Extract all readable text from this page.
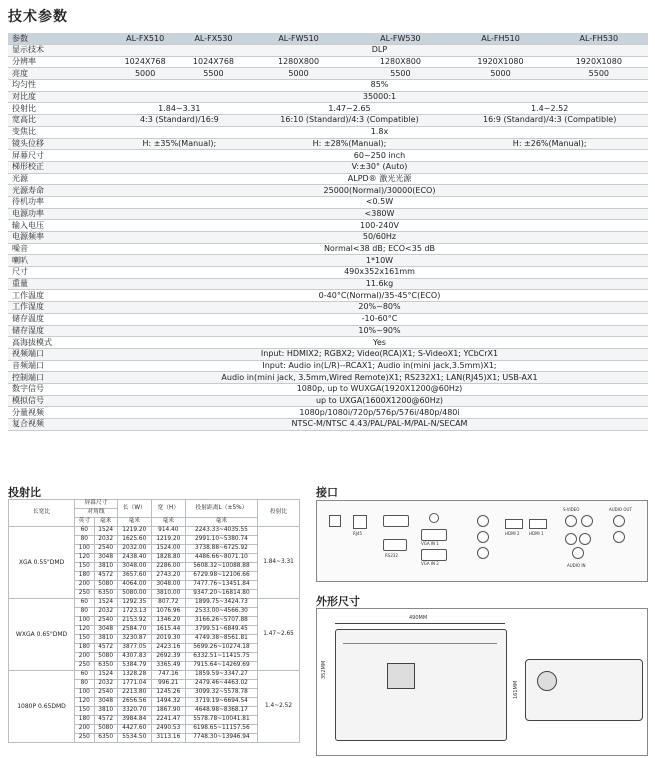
技术参数
参数	AL-FX510	AL-FX530	AL-FW510	AL-FW530	AL-FH510	AL-FH530
显示技术	DLP					
分辨率	1024X768	1024X768	1280X800	1280X800	1920X1080	1920X1080
亮度	5000	5500	5000	5500	5000	5500
均匀性	85%					
对比度	35000:1					
投射比	1.84~3.31		1.47~2.65		1.4~2.52	
宽高比	4:3 (Standard)/16:9		16:10 (Standard)/4:3 (Compatible)		16:9 (Standard)/4:3 (Compatible)	
变焦比	1.8x					
镜头位移	H: ±35%(Manual);		H: ±28%(Manual);		H: ±26%(Manual);	
屏幕尺寸	60~250 inch					
梯形校正	V:±30° (Auto)					
光源	ALPD® 激光光源					
光源寿命	25000(Normal)/30000(ECO)					
待机功率	<0.5W					
电源功率	<380W					
输入电压	100-240V					
电源频率	50/60Hz					
噪音	Normal<38 dB; ECO<35 dB					
喇叭	1*10W					
尺寸	490x352x161mm					
重量	11.6kg					
工作温度	0-40°C(Normal)/35-45°C(ECO)					
工作湿度	20%~80%					
储存温度	-10-60°C					
储存湿度	10%~90%					
高海拔模式	Yes					
视频端口	Input: HDMIX2; RGBX2; Video(RCA)X1; S-VideoX1; YCbCrX1					
音频端口	Input: Audio in(L/R)--RCAX1; Audio in(mini jack,3.5mm)X1;					
控制端口	Audio in(mini jack, 3.5mm,Wired Remote)X1; RS232X1; LAN(RJ45)X1; USB-AX1					
数字信号	1080p, up to WUXGA(1920X1200@60Hz)					
模拟信号	up to UXGA(1600X1200@60Hz)					
分量视频	1080p/1080i/720p/576p/576i/480p/480i					
复合视频	NTSC-M/NTSC 4.43/PAL/PAL-M/PAL-N/SECAM					
投射比
长宽比	屏幕尺寸		长（W）	宽（H）	投射距离L（±5%）	投射比
	对角线					
	英寸	毫米	毫米	毫米	毫米	
XGA 0.55"DMD	60	1524	1219.20	914.40	2243.33~4035.55	1.84~3.31
	80	2032	1625.60	1219.20	2991.10~5380.74	
	100	2540	2032.00	1524.00	3738.88~6725.92	
	120	3048	2438.40	1828.80	4486.66~8071.10	
	150	3810	3048.00	2286.00	5608.32~10088.88	
	180	4572	3657.60	2743.20	6729.98~12106.66	
	200	5080	4064.00	3048.00	7477.76~13451.84	
	250	6350	5080.00	3810.00	9347.20~16814.80	
WXGA 0.65"DMD	60	1524	1292.35	807.72	1899.75~3424.73	1.47~2.65
	80	2032	1723.13	1076.96	2533.00~4566.30	
	100	2540	2153.92	1346.20	3166.26~5707.88	
	120	3048	2584.70	1615.44	3799.51~6849.45	
	150	3810	3230.87	2019.30	4749.38~8561.81	
	180	4572	3877.05	2423.16	5699.26~10274.18	
	200	5080	4307.83	2692.39	6332.51~11415.75	
	250	6350	5384.79	3365.49	7915.64~14269.69	
1080P 0.65DMD	60	1524	1328.28	747.16	1859.59~3347.27	1.4~2.52
	80	2032	1771.04	996.21	2479.46~4463.02	
	100	2540	2213.80	1245.26	3099.32~5578.78	
	120	3048	2656.56	1494.32	3719.19~6694.54	
	150	3810	3320.70	1867.90	4648.98~8368.17	
	180	4572	3984.84	2241.47	5578.78~10041.81	
	200	5080	4427.60	2490.53	6198.65~11157.56	
	250	6350	5534.50	3113.16	7748.30~13946.94	
接口
RJ45
RS232
VGA IN 1
VGA IN 2
HDMI 2 HDMI 1
S-VIDEO
AUDIO IN
AUDIO OUT
外形尺寸
490MM
352MM
161MM
